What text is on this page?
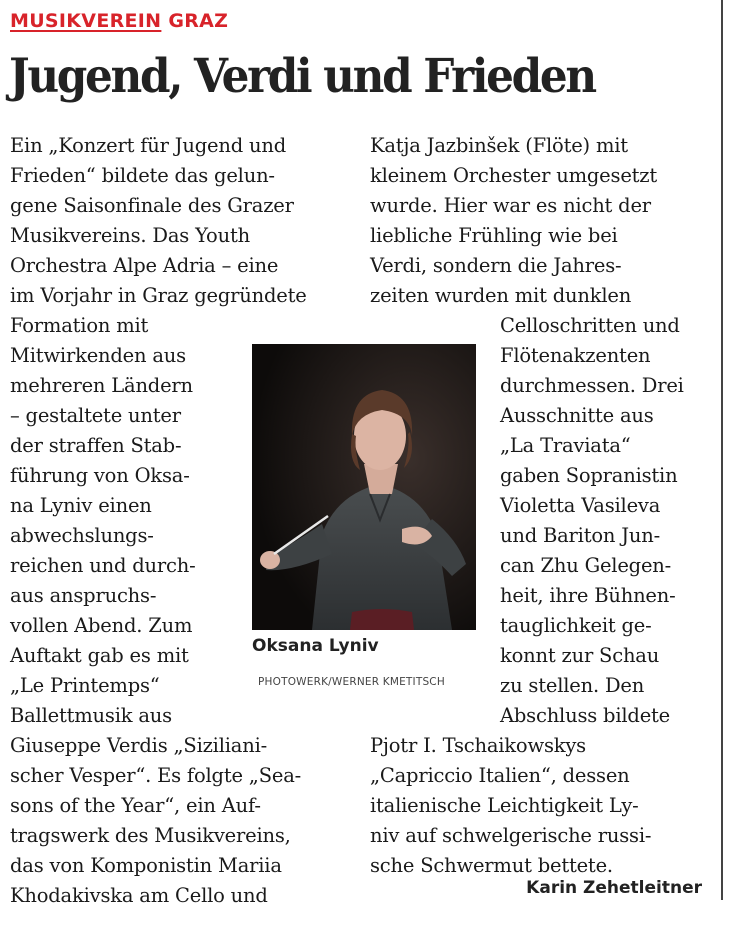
MUSIKVEREIN GRAZ
Jugend, Verdi und Frieden
Ein „Konzert für Jugend und
Frieden“ bildete das gelun-
gene Saisonfinale des Grazer
Musikvereins. Das Youth
Orchestra Alpe Adria – eine
im Vorjahr in Graz gegründete
Formation mit
Mitwirkenden aus
mehreren Ländern
– gestaltete unter
der straffen Stab-
führung von Oksa-
na Lyniv einen
abwechslungs-
reichen und durch-
aus anspruchs-
vollen Abend. Zum
Auftakt gab es mit
„Le Printemps“
Ballettmusik aus
Giuseppe Verdis „Siziliani-
scher Vesper“. Es folgte „Sea-
sons of the Year“, ein Auf-
tragswerk des Musikvereins,
das von Komponistin Mariia
Khodakivska am Cello und
Katja Jazbinšek (Flöte) mit
kleinem Orchester umgesetzt
wurde. Hier war es nicht der
liebliche Frühling wie bei
Verdi, sondern die Jahres-
zeiten wurden mit dunklen
Celloschritten und
Flötenakzenten
durchmessen. Drei
Ausschnitte aus
„La Traviata“
gaben Sopranistin
Violetta Vasileva
und Bariton Jun-
can Zhu Gelegen-
heit, ihre Bühnen-
tauglichkeit ge-
konnt zur Schau
zu stellen. Den
Abschluss bildete
Pjotr I. Tschaikowskys
„Capriccio Italien“, dessen
italienische Leichtigkeit Ly-
niv auf schwelgerische russi-
sche Schwermut bettete.
Oksana Lyniv
PHOTOWERK/WERNER KMETITSCH
Karin Zehetleitner
